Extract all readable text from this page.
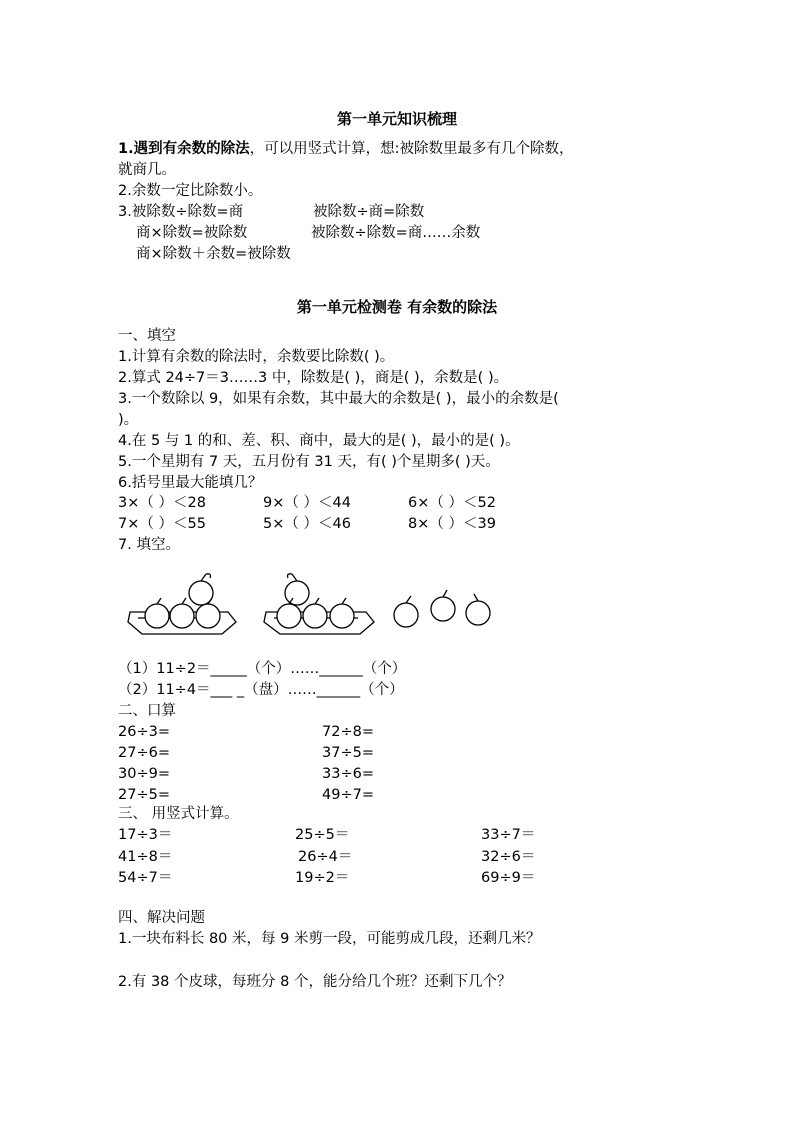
第一单元知识梳理
1.遇到有余数的除法，可以用竖式计算，想:被除数里最多有几个除数，
就商几。
2.余数一定比除数小。
3.被除数÷除数=商	被除数÷商=除数
商×除数=被除数	被除数÷除数=商……余数
商×除数＋余数=被除数
第一单元检测卷 有余数的除法
一、填空
1.计算有余数的除法时，余数要比除数( )。
2.算式 24÷7＝3……3 中，除数是( )，商是( )，余数是( )。
3.一个数除以 9，如果有余数，其中最大的余数是( )，最小的余数是(
)。
4.在 5 与 1 的和、差、积、商中，最大的是( )，最小的是( )。
5.一个星期有 7 天，五月份有 31 天，有( )个星期多( )天。
6.括号里最大能填几？
3×（ ）＜28	9×（ ）＜44	6×（ ）＜52
7×（ ）＜55	5×（ ）＜46	8×（ ）＜39
7. 填空。
（1）11÷2＝_____（个）……______（个）
（2）11÷4＝___ _（盘）……______（个）
二、口算
26÷3=	72÷8=
27÷6=	37÷5=
30÷9=	33÷6=
27÷5=	49÷7=
三、 用竖式计算。
17÷3＝	25÷5＝	33÷7＝
41÷8＝	26÷4＝	32÷6＝
54÷7＝	19÷2＝	69÷9＝
四、解决问题
1.一块布料长 80 米，每 9 米剪一段，可能剪成几段，还剩几米？
2.有 38 个皮球，每班分 8 个，能分给几个班？还剩下几个？
